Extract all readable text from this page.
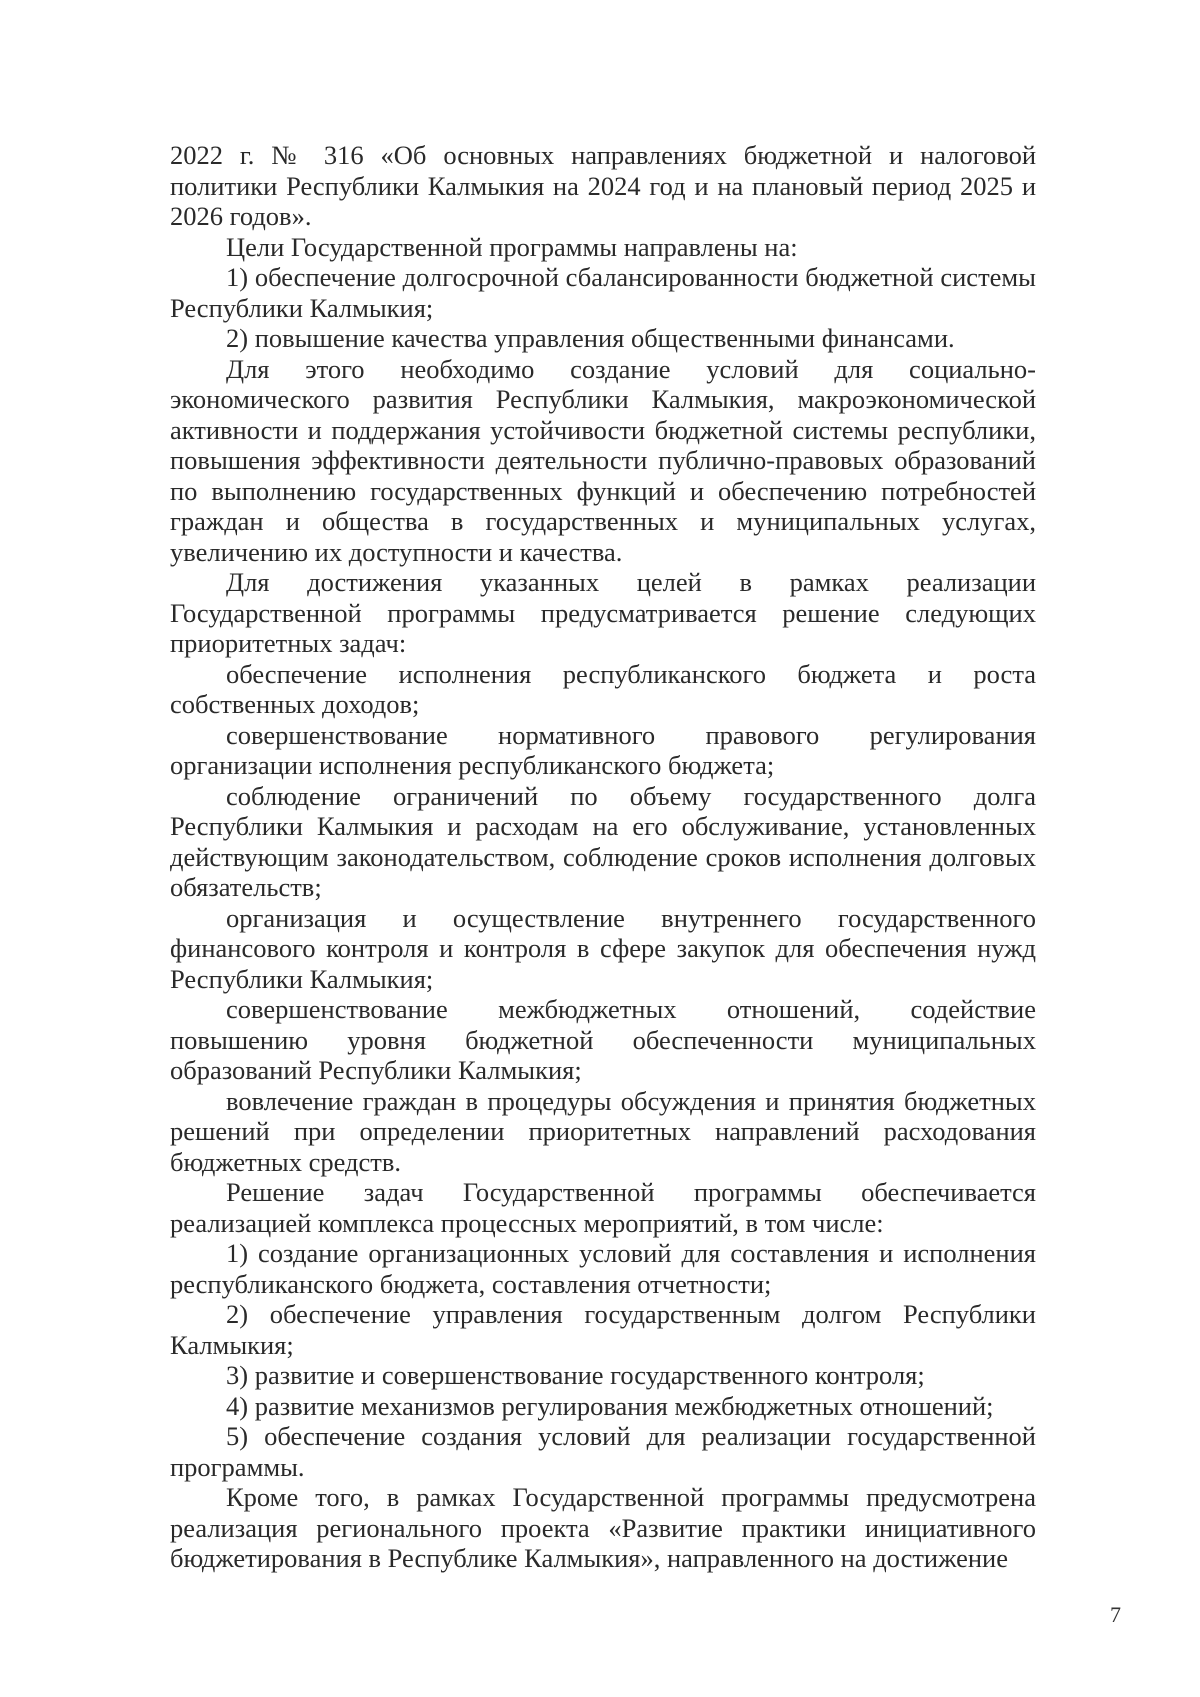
2022 г. № 316 «Об основных направлениях бюджетной и налоговой политики Республики Калмыкия на 2024 год и на плановый период 2025 и 2026 годов».

Цели Государственной программы направлены на:

1) обеспечение долгосрочной сбалансированности бюджетной системы Республики Калмыкия;

2) повышение качества управления общественными финансами.

Для этого необходимо создание условий для социально-экономического развития Республики Калмыкия, макроэкономической активности и поддержания устойчивости бюджетной системы республики, повышения эффективности деятельности публично-правовых образований по выполнению государственных функций и обеспечению потребностей граждан и общества в государственных и муниципальных услугах, увеличению их доступности и качества.

Для достижения указанных целей в рамках реализации Государственной программы предусматривается решение следующих приоритетных задач:

обеспечение исполнения республиканского бюджета и роста собственных доходов;

совершенствование нормативного правового регулирования организации исполнения республиканского бюджета;

соблюдение ограничений по объему государственного долга Республики Калмыкия и расходам на его обслуживание, установленных действующим законодательством, соблюдение сроков исполнения долговых обязательств;

организация и осуществление внутреннего государственного финансового контроля и контроля в сфере закупок для обеспечения нужд Республики Калмыкия;

совершенствование межбюджетных отношений, содействие повышению уровня бюджетной обеспеченности муниципальных образований Республики Калмыкия;

вовлечение граждан в процедуры обсуждения и принятия бюджетных решений при определении приоритетных направлений расходования бюджетных средств.

Решение задач Государственной программы обеспечивается реализацией комплекса процессных мероприятий, в том числе:

1) создание организационных условий для составления и исполнения республиканского бюджета, составления отчетности;

2) обеспечение управления государственным долгом Республики Калмыкия;

3) развитие и совершенствование государственного контроля;

4) развитие механизмов регулирования межбюджетных отношений;

5) обеспечение создания условий для реализации государственной программы.

Кроме того, в рамках Государственной программы предусмотрена реализация регионального проекта «Развитие практики инициативного бюджетирования в Республике Калмыкия», направленного на достижение

7
